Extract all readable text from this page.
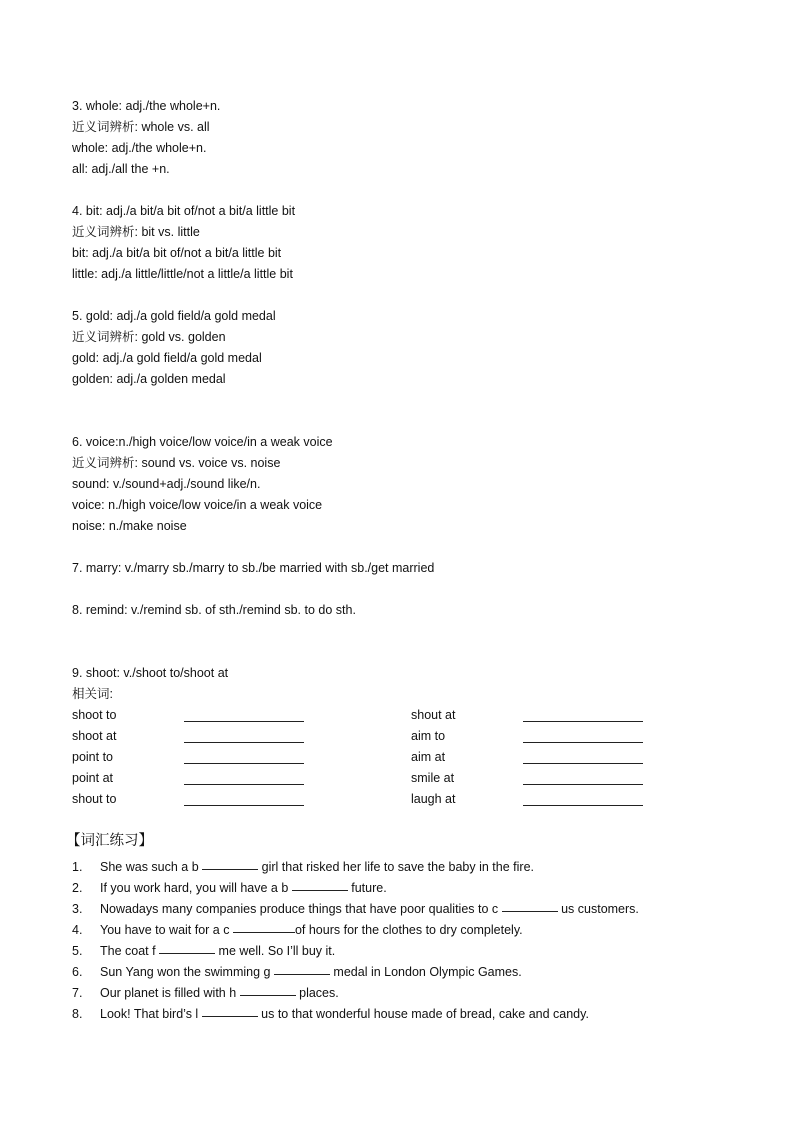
3. whole: adj./the whole+n.
近义词辨析: whole vs. all
whole: adj./the whole+n.
all: adj./all the +n.
4. bit: adj./a bit/a bit of/not a bit/a little bit
近义词辨析: bit vs. little
bit: adj./a bit/a bit of/not a bit/a little bit
little: adj./a little/little/not a little/a little bit
5. gold: adj./a gold field/a gold medal
近义词辨析: gold vs. golden
gold: adj./a gold field/a gold medal
golden: adj./a golden medal
6. voice:n./high voice/low voice/in a weak voice
近义词辨析: sound vs. voice vs. noise
sound: v./sound+adj./sound like/n.
voice: n./high voice/low voice/in a weak voice
noise: n./make noise
7. marry: v./marry sb./marry to sb./be married with sb./get married
8. remind: v./remind sb. of sth./remind sb. to do sth.
9. shoot: v./shoot to/shoot at
相关词:
shoot to	shout at
shoot at	aim to
point to	aim at
point at	smile at
shout to	laugh at
【词汇练习】
1.	She was such a b	girl that risked her life to save the baby in the fire.
2.	If you work hard, you will have a b	future.
3.	Nowadays many companies produce things that have poor qualities to c	us customers.
4.	You have to wait for a c	of hours for the clothes to dry completely.
5.	The coat f	me well. So I’ll buy it.
6.	Sun Yang won the swimming g	medal in London Olympic Games.
7.	Our planet is filled with h	places.
8.	Look! That bird’s l	us to that wonderful house made of bread, cake and candy.
